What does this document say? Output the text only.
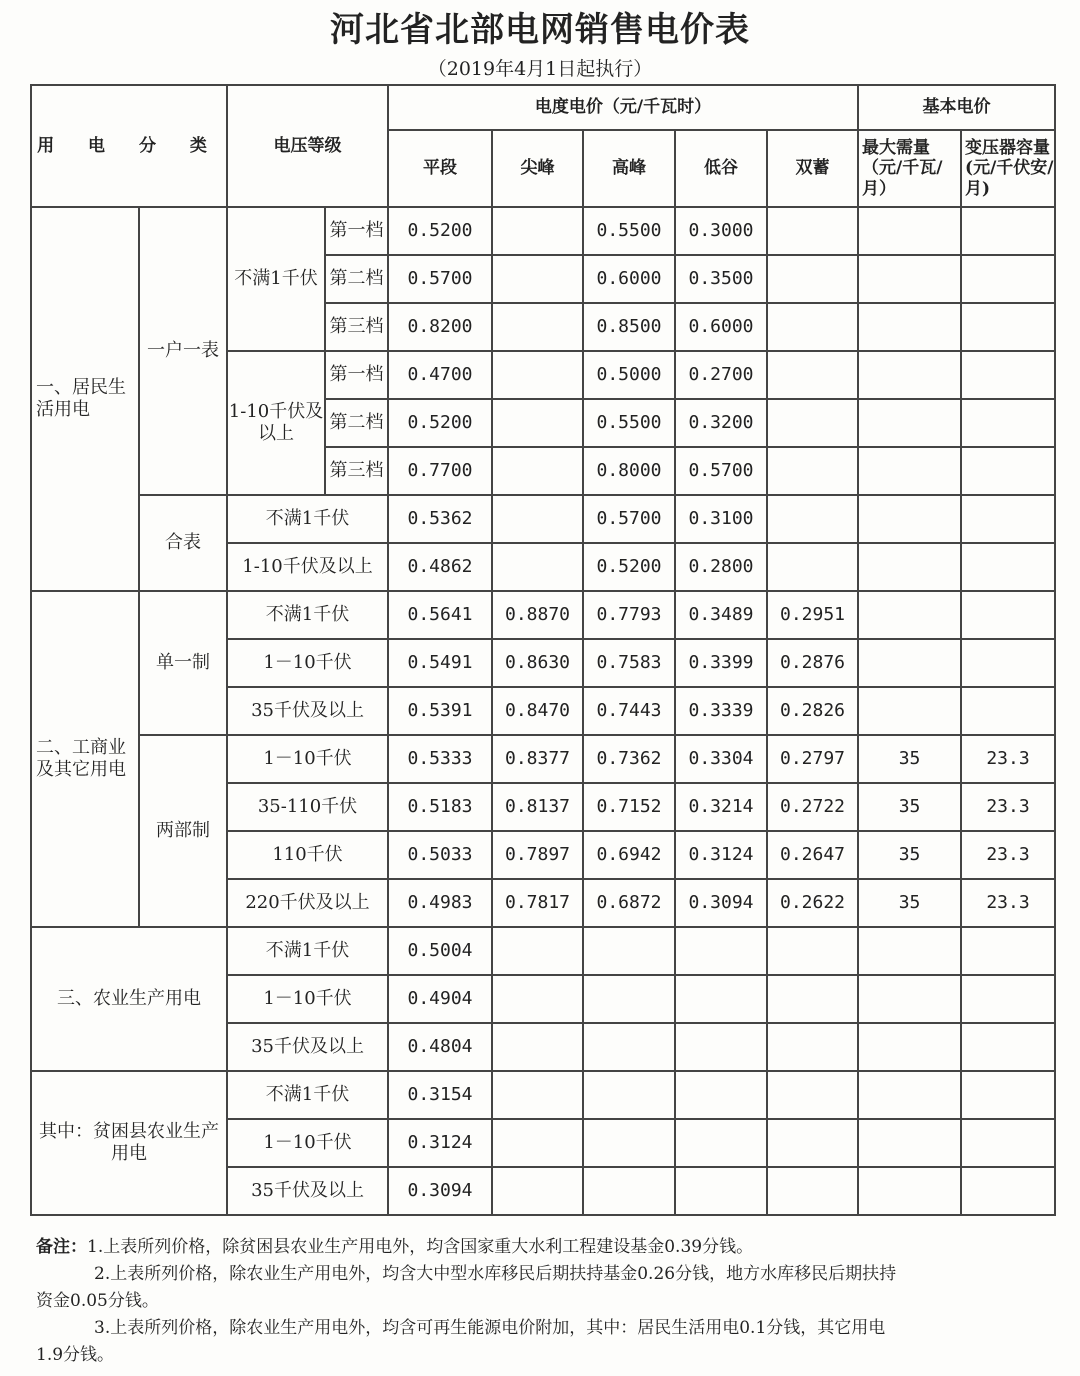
河北省北部电网销售电价表
（2019年4月1日起执行）
用 电 分 类		电压等级		电度电价（元/千瓦时）					基本电价	
				平段	尖峰	高峰	低谷	双蓄	最大需量（元/千瓦/月）	变压器容量(元/千伏安/月)
一、居民生活用电	一户一表	不满1千伏	第一档	0.5200		0.5500	0.3000			
			第二档	0.5700		0.6000	0.3500			
			第三档	0.8200		0.8500	0.6000			
		1-10千伏及以上	第一档	0.4700		0.5000	0.2700			
			第二档	0.5200		0.5500	0.3200			
			第三档	0.7700		0.8000	0.5700			
	合表	不满1千伏		0.5362		0.5700	0.3100			
		1-10千伏及以上		0.4862		0.5200	0.2800			
二、工商业及其它用电	单一制	不满1千伏		0.5641	0.8870	0.7793	0.3489	0.2951		
		1－10千伏		0.5491	0.8630	0.7583	0.3399	0.2876		
		35千伏及以上		0.5391	0.8470	0.7443	0.3339	0.2826		
	两部制	1－10千伏		0.5333	0.8377	0.7362	0.3304	0.2797	35	23.3
		35-110千伏		0.5183	0.8137	0.7152	0.3214	0.2722	35	23.3
		110千伏		0.5033	0.7897	0.6942	0.3124	0.2647	35	23.3
		220千伏及以上		0.4983	0.7817	0.6872	0.3094	0.2622	35	23.3
三、农业生产用电		不满1千伏		0.5004						
		1－10千伏		0.4904						
		35千伏及以上		0.4804						
其中：贫困县农业生产用电		不满1千伏		0.3154						
		1－10千伏		0.3124						
		35千伏及以上		0.3094						

备注：1.上表所列价格，除贫困县农业生产用电外，均含国家重大水利工程建设基金0.39分钱。

2.上表所列价格，除农业生产用电外，均含大中型水库移民后期扶持基金0.26分钱，地方水库移民后期扶持

资金0.05分钱。

3.上表所列价格，除农业生产用电外，均含可再生能源电价附加，其中：居民生活用电0.1分钱，其它用电

1.9分钱。
